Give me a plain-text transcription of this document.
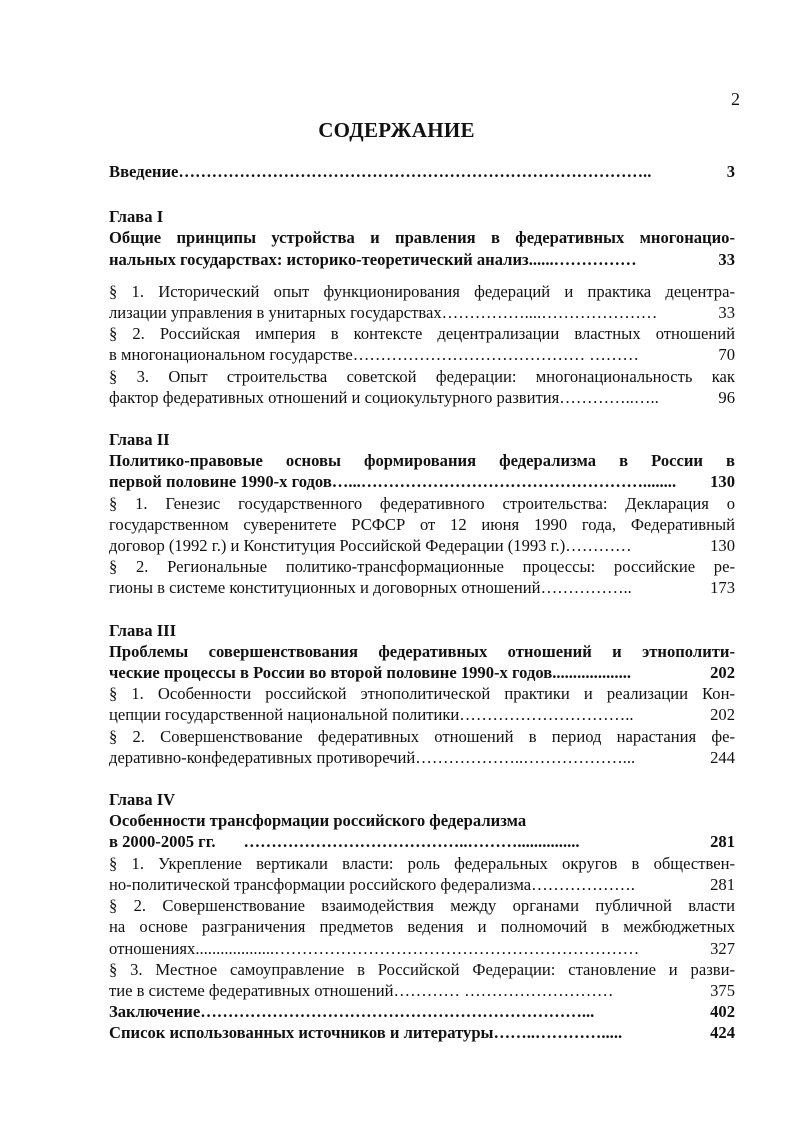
2
СОДЕРЖАНИЕ
Введение …………………………………………………………………………..	3
Глава I
Общие принципы устройства и правления в федеративных многонацио-
нальных государствах: историко-теоретический анализ ......……………	33
§ 1. Исторический опыт функционирования федераций и практика децентра-
лизации управления в унитарных государствах ……………....…………………	33
§ 2. Российская империя в контексте децентрализации властных отношений
в многонациональном государстве …………………………………… ………	70
§ 3. Опыт строительства советской федерации: многонациональность как
фактор федеративных отношений и социокультурного развития …………..…..	96
Глава II
Политико-правовые основы формирования федерализма в России в
первой половине 1990-х годов …...……………………………………………........	130
§ 1. Генезис государственного федеративного строительства: Декларация о
государственном суверенитете РСФСР от 12 июня 1990 года, Федеративный
договор (1992 г.) и Конституция Российской Федерации (1993 г.) …………	130
§ 2. Региональные политико-трансформационные процессы: российские ре-
гионы в системе конституционных и договорных отношений ……………..	173
Глава III
Проблемы совершенствования федеративных отношений и этнополити-
ческие процессы в России во второй половине 1990-х годов ...................	202
§ 1. Особенности российской этнополитической практики и реализации Кон-
цепции государственной национальной политики …………………………..	202
§ 2. Совершенствование федеративных отношений в период нарастания фе-
деративно-конфедеративных противоречий ………………..………………...	244
Глава IV
Особенности трансформации российского федерализма
в 2000-2005 гг. …………………………………..………...............	281
§ 1. Укрепление вертикали власти: роль федеральных округов в обществен-
но-политической трансформации российского федерализма ……………….	281
§ 2. Совершенствование взаимодействия между органами публичной власти
на основе разграничения предметов ведения и полномочий в межбюджетных
отношениях ...................…………………………………………………………	327
§ 3. Местное самоуправление в Российской Федерации: становление и разви-
тие в системе федеративных отношений ………… ………………………	375
Заключение ……………………………………………………………...	402
Список использованных источников и литературы ……..………….....	424
